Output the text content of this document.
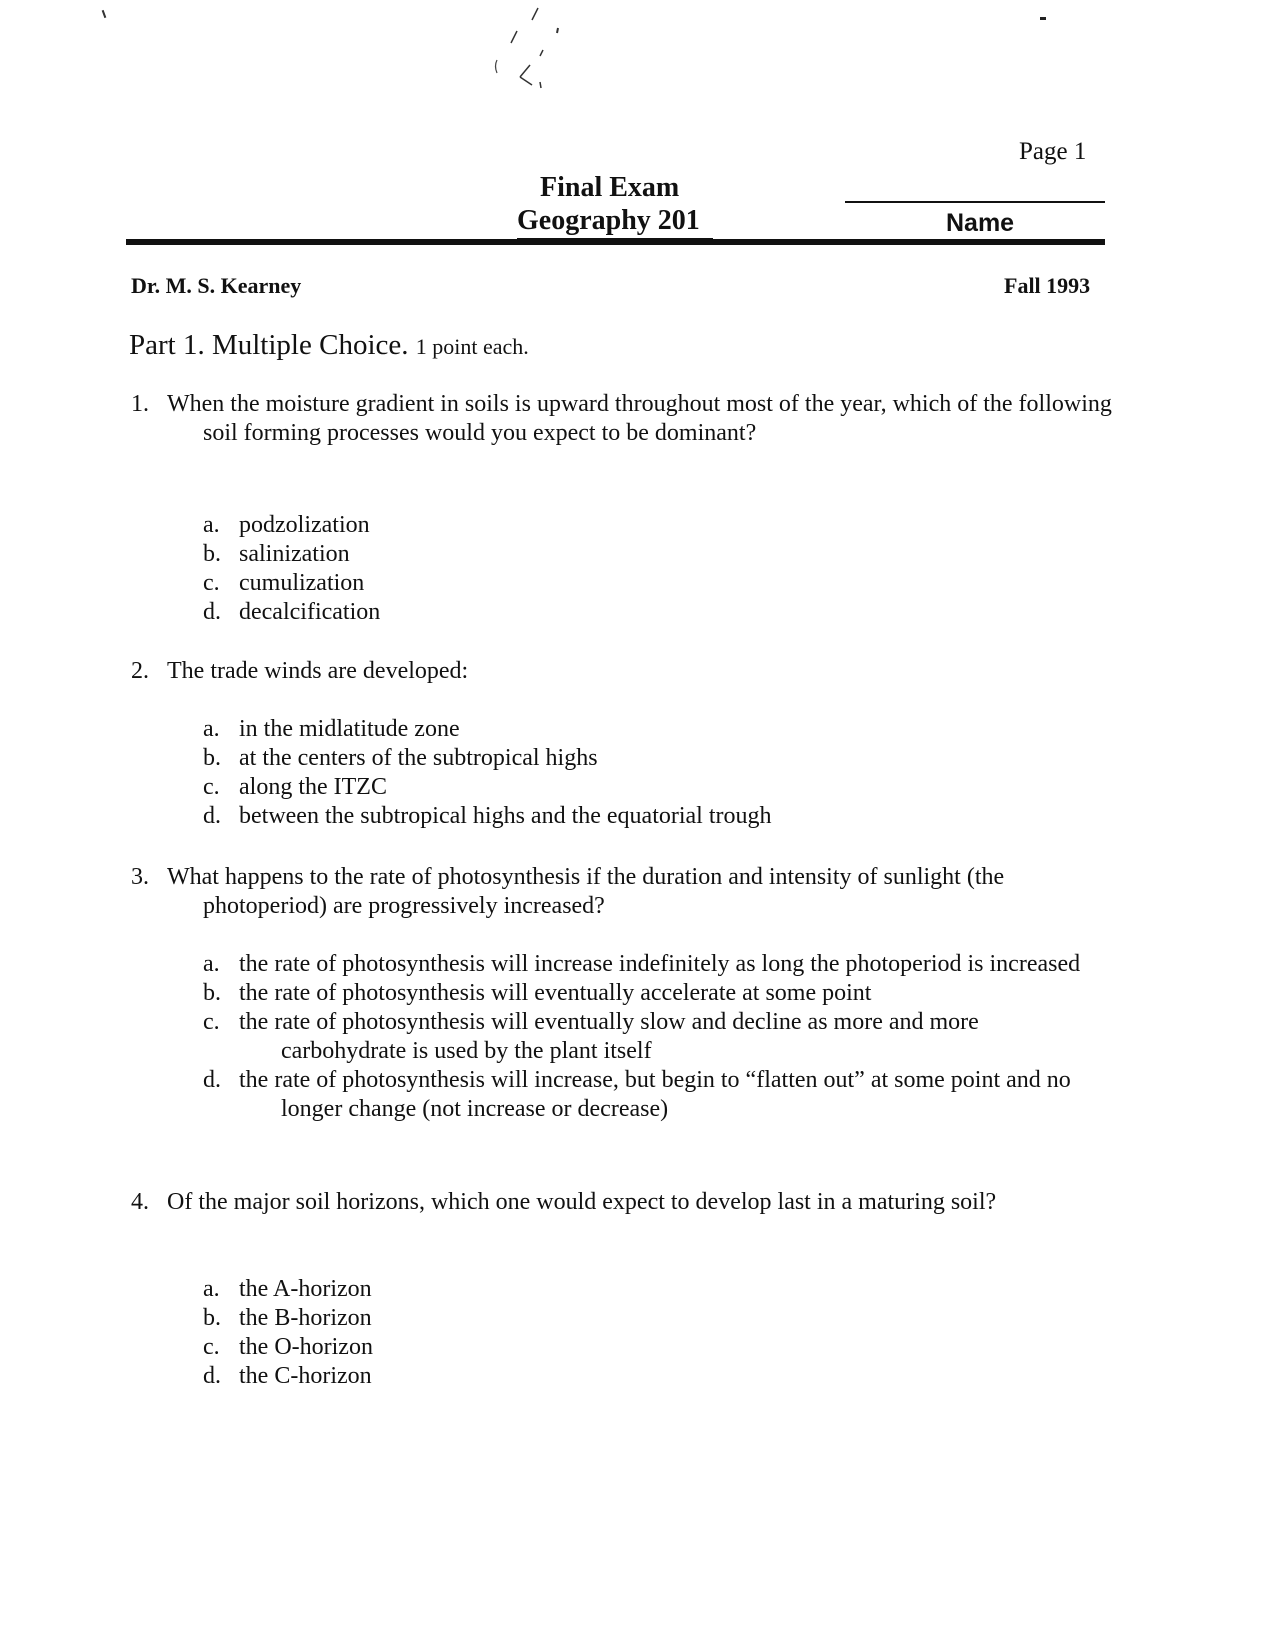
Page 1
Final Exam
Geography 201	Name
Dr. M. S. Kearney	Fall 1993
Part 1. Multiple Choice. 1 point each.
1. When the moisture gradient in soils is upward throughout most of the year, which of the following soil forming processes would you expect to be dominant?
a. podzolization
b. salinization
c. cumulization
d. decalcification
2. The trade winds are developed:
a. in the midlatitude zone
b. at the centers of the subtropical highs
c. along the ITZC
d. between the subtropical highs and the equatorial trough
3. What happens to the rate of photosynthesis if the duration and intensity of sunlight (the photoperiod) are progressively increased?
a. the rate of photosynthesis will increase indefinitely as long the photoperiod is increased
b. the rate of photosynthesis will eventually accelerate at some point
c. the rate of photosynthesis will eventually slow and decline as more and more carbohydrate is used by the plant itself
d. the rate of photosynthesis will increase, but begin to “flatten out” at some point and no longer change (not increase or decrease)
4. Of the major soil horizons, which one would expect to develop last in a maturing soil?
a. the A-horizon
b. the B-horizon
c. the O-horizon
d. the C-horizon
